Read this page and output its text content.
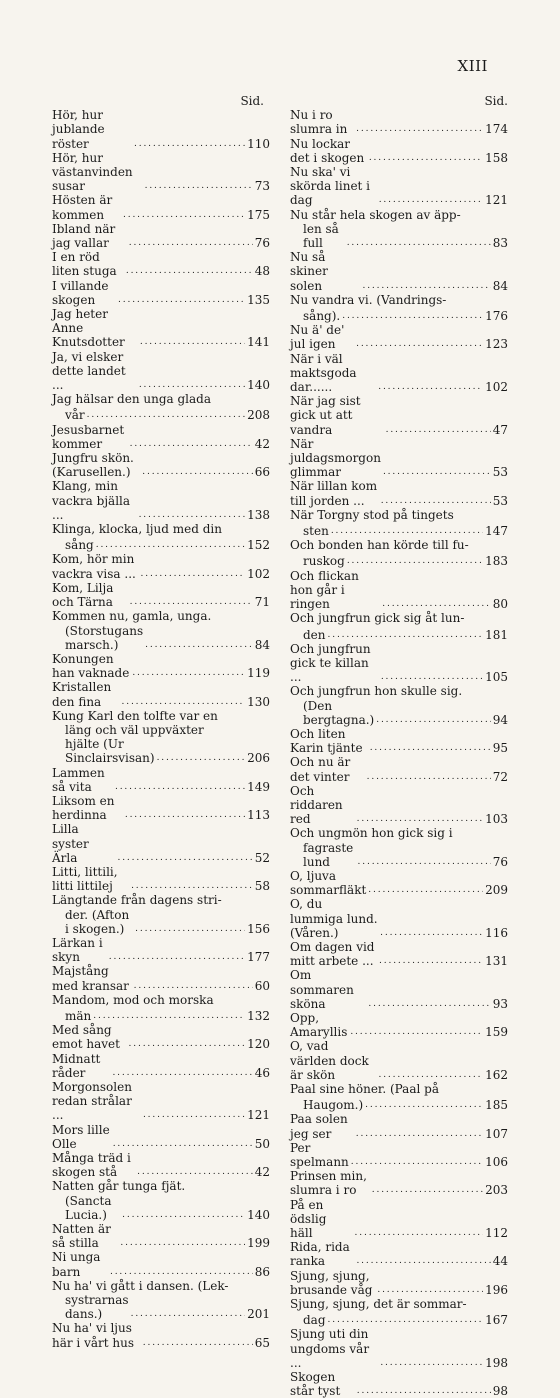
XIII
Sid.
Hör, hur jublande röster . . .	110
Hör, hur västanvinden susar . . .	73
Hösten är kommen . . .	175
Ibland när jag vallar . . .	76
I en röd liten stuga . . .	48
I villande skogen . . .	135
Jag heter Anne Knutsdotter . . .	141
Ja, vi elsker dette landet ... . . .	140
Jag hälsar den unga glada
vår . . .	208
Jesusbarnet kommer . . .	42
Jungfru skön. (Karusellen.) . . .	66
Klang, min vackra bjälla ... . . .	138
Klinga, klocka, ljud med din
sång . . .	152
Kom, hör min vackra visa ... . . .	102
Kom, Lilja och Tärna . . .	71
Kommen nu, gamla, unga.
(Storstugans marsch.) . . .	84
Konungen han vaknade . . .	119
Kristallen den fina . . .	130
Kung Karl den tolfte var en
läng och väl uppväxter
hjälte (Ur Sinclairsvisan) . . .	206
Lammen så vita . . .	149
Liksom en herdinna . . .	113
Lilla syster Ärla . . .	52
Litti, littili, litti littilej . . .	58
Längtande från dagens stri-
der. (Afton i skogen.) . . .	156
Lärkan i skyn . . .	177
Majstång med kransar . . .	60
Mandom, mod och morska
män . . .	132
Med sång emot havet . . .	120
Midnatt råder . . .	46
Morgonsolen redan strålar ... . . .	121
Mors lille Olle . . .	50
Många träd i skogen stå . . .	42
Natten går tunga fjät.
(Sancta Lucia.) . . .	140
Natten är så stilla . . .	199
Ni unga barn . . .	86
Nu ha' vi gått i dansen. (Lek-
systrarnas dans.) . . .	201
Nu ha' vi ljus här i vårt hus . . .	65
Sid.
Nu i ro slumra in . . .	174
Nu lockar det i skogen . . .	158
Nu ska' vi skörda linet i dag . . .	121
Nu står hela skogen av äpp-
len så full . . .	83
Nu så skiner solen . . .	84
Nu vandra vi. (Vandrings-
sång). . . .	176
Nu ä' de' jul igen . . .	123
När i väl maktsgoda dar...... . . .	102
När jag sist gick ut att vandra . . .	47
När juldagsmorgon glimmar . . .	53
När lillan kom till jorden ... . . .	53
När Torgny stod på tingets
sten . . .	147
Och bonden han körde till fu-
ruskog . . .	183
Och flickan hon går i ringen . . .	80
Och jungfrun gick sig åt lun-
den . . .	181
Och jungfrun gick te killan ... . . .	105
Och jungfrun hon skulle sig.
(Den bergtagna.) . . .	94
Och liten Karin tjänte . . .	95
Och nu är det vinter . . .	72
Och riddaren red . . .	103
Och ungmön hon gick sig i
fagraste lund . . .	76
O, ljuva sommarfläkt . . .	209
O, du lummiga lund. (Våren.) . . .	116
Om dagen vid mitt arbete ... . . .	131
Om sommaren sköna . . .	93
Opp, Amaryllis . . .	159
O, vad världen dock är skön . . .	162
Paal sine höner. (Paal på
Haugom.) . . .	185
Paa solen jeg ser . . .	107
Per spelmann . . .	106
Prinsen min, slumra i ro . . .	203
På en ödslig häll . . .	112
Rida, rida ranka . . .	44
Sjung, sjung, brusande våg . . .	196
Sjung, sjung, det är sommar-
dag . . .	167
Sjung uti din ungdoms vår ... . . .	198
Skogen står tyst . . .	98
